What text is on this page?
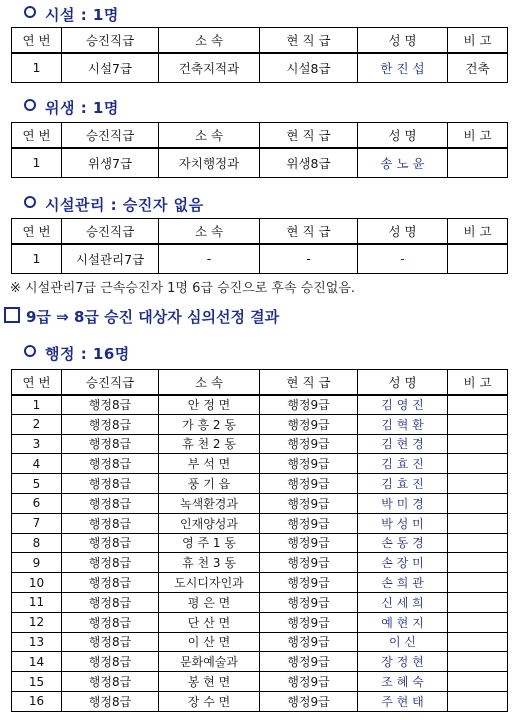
시설 : 1명
연 번	승진직급	소 속	현 직 급	성 명	비 고
1	시설7급	건축지적과	시설8급	한 진 섭	건축
위생 : 1명
연 번	승진직급	소 속	현 직 급	성 명	비 고
1	위생7급	자치행정과	위생8급	송 노 윤	
시설관리 : 승진자 없음
연 번	승진직급	소 속	현 직 급	성 명	비 고
1	시설관리7급	-	-	-	
※ 시설관리7급 근속승진자 1명 6급 승진으로 후속 승진없음.
9급 ⇒ 8급 승진 대상자 심의선정 결과
행정 : 16명
연 번	승진직급	소 속	현 직 급	성 명	비 고
1	행정8급	안 정 면	행정9급	김 영 진	
2	행정8급	가 흥 2 동	행정9급	김 혁 환	
3	행정8급	휴 천 2 동	행정9급	김 현 경	
4	행정8급	부 석 면	행정9급	김 효 진	
5	행정8급	풍 기 읍	행정9급	김 효 진	
6	행정8급	녹색환경과	행정9급	박 미 경	
7	행정8급	인재양성과	행정9급	박 성 미	
8	행정8급	영 주 1 동	행정9급	손 동 경	
9	행정8급	휴 천 3 동	행정9급	손 장 미	
10	행정8급	도시디자인과	행정9급	손 희 관	
11	행정8급	평 은 면	행정9급	신 세 희	
12	행정8급	단 산 면	행정9급	예 현 지	
13	행정8급	이 산 면	행정9급	이 신	
14	행정8급	문화예술과	행정9급	장 정 현	
15	행정8급	봉 현 면	행정9급	조 혜 숙	
16	행정8급	장 수 면	행정9급	주 현 태	
